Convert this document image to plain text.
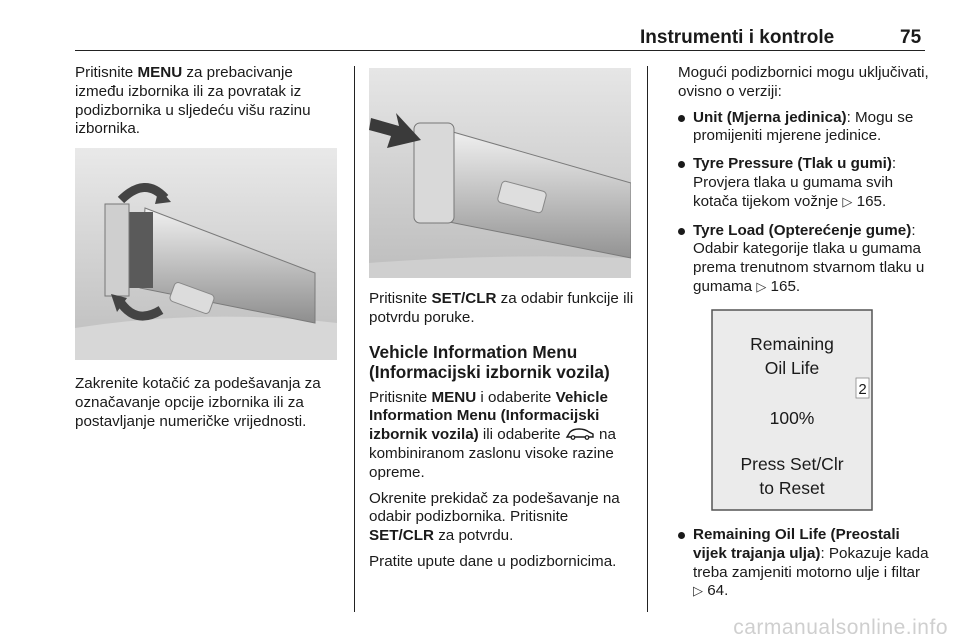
Instrumenti i kontrole	75

Pritisnite MENU za prebacivanje između izbornika ili za povratak iz podizbornika u sljedeću višu razinu izbornika.

Zakrenite kotačić za podešavanja za označavanje opcije izbornika ili za postavljanje numeričke vrijednosti.

Pritisnite SET/CLR za odabir funkcije ili potvrdu poruke.

Vehicle Information Menu (Informacijski izbornik vozila)

Pritisnite MENU i odaberite Vehicle Information Menu (Informacijski izbornik vozila) ili odaberite  na kombiniranom zaslonu visoke razine opreme.

Okrenite prekidač za podešavanje na odabir podizbornika. Pritisnite SET/CLR za potvrdu.

Pratite upute dane u podizbornicima.

Mogući podizbornici mogu uključivati, ovisno o verziji:

Unit (Mjerna jedinica): Mogu se promijeniti mjerene jedinice.
Tyre Pressure (Tlak u gumi): Provjera tlaka u gumama svih kotača tijekom vožnje ▷ 165.
Tyre Load (Opterećenje gume): Odabir kategorije tlaka u gumama prema trenutnom stvarnom tlaku u gumama ▷ 165.
Remaining
Oil Life
100%
Press Set/Clr
to Reset
2
Remaining Oil Life (Preostali vijek trajanja ulja): Pokazuje kada treba zamjeniti motorno ulje i filtar ▷ 64.
carmanualsonline.info
